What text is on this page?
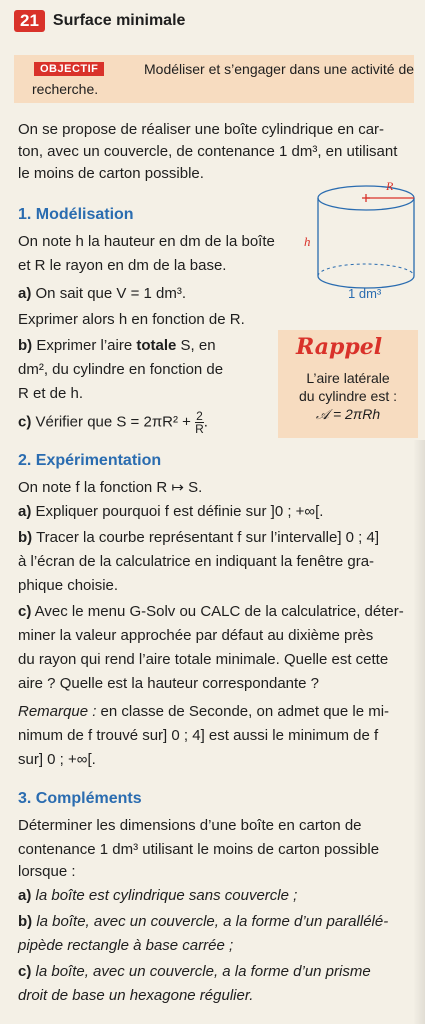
21 Surface minimale
OBJECTIF	Modéliser et s’engager dans une activité de
recherche.
On se propose de réaliser une boîte cylindrique en car-
ton, avec un couvercle, de contenance 1 dm³, en utilisant
le moins de carton possible.
R
h
1 dm³
1. Modélisation
On note h la hauteur en dm de la boîte
et R le rayon en dm de la base.
a) On sait que V = 1 dm³.
Exprimer alors h en fonction de R.
b) Exprimer l’aire totale S, en
dm², du cylindre en fonction de
R et de h.
c) Vérifier que $S = 2\pi R^2 + \frac{2}{R}$ .
Rappel
L’aire latérale
du cylindre est :
𝒜 = 2πRh
2. Expérimentation
On note f la fonction R ↦ S.
a) Expliquer pourquoi f est définie sur ]0 ; +∞[.
b) Tracer la courbe représentant f sur l’intervalle] 0 ; 4]
à l’écran de la calculatrice en indiquant la fenêtre gra-
phique choisie.
c) Avec le menu G-Solv ou CALC de la calculatrice, déter-
miner la valeur approchée par défaut au dixième près
du rayon qui rend l’aire totale minimale. Quelle est cette
aire ? Quelle est la hauteur correspondante ?
Remarque : en classe de Seconde, on admet que le mi-
nimum de f trouvé sur] 0 ; 4] est aussi le minimum de f
sur] 0 ; +∞[.
3. Compléments
Déterminer les dimensions d’une boîte en carton de
contenance 1 dm³ utilisant le moins de carton possible
lorsque :
a) la boîte est cylindrique sans couvercle ;
b) la boîte, avec un couvercle, a la forme d’un parallélé-
pipède rectangle à base carrée ;
c) la boîte, avec un couvercle, a la forme d’un prisme
droit de base un hexagone régulier.
